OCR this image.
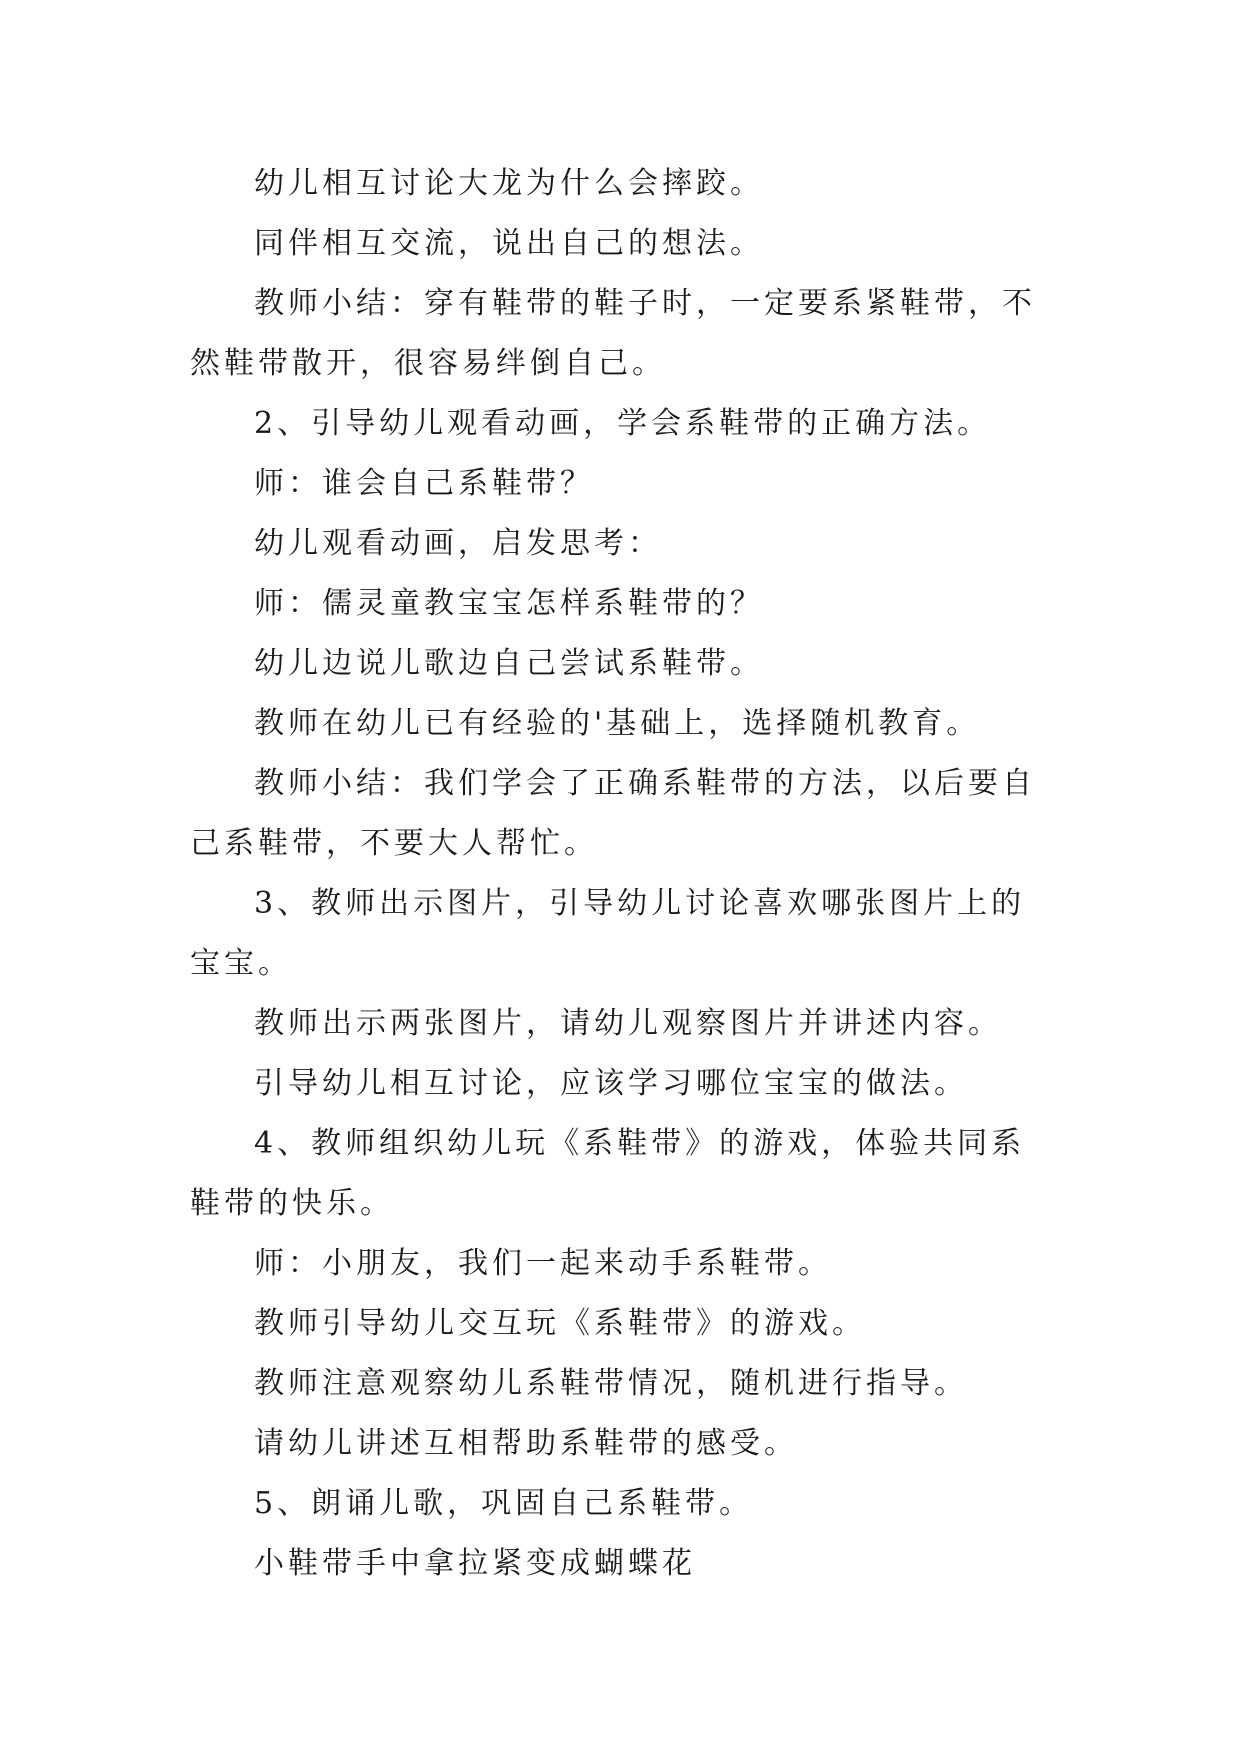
幼儿相互讨论大龙为什么会摔跤。

同伴相互交流，说出自己的想法。

教师小结：穿有鞋带的鞋子时，一定要系紧鞋带，不然鞋带散开，很容易绊倒自己。

2、引导幼儿观看动画，学会系鞋带的正确方法。

师：谁会自己系鞋带？

幼儿观看动画，启发思考：

师：儒灵童教宝宝怎样系鞋带的？

幼儿边说儿歌边自己尝试系鞋带。

教师在幼儿已有经验的'基础上，选择随机教育。

教师小结：我们学会了正确系鞋带的方法，以后要自己系鞋带，不要大人帮忙。

3、教师出示图片，引导幼儿讨论喜欢哪张图片上的宝宝。

教师出示两张图片，请幼儿观察图片并讲述内容。

引导幼儿相互讨论，应该学习哪位宝宝的做法。

4、教师组织幼儿玩《系鞋带》的游戏，体验共同系鞋带的快乐。

师：小朋友，我们一起来动手系鞋带。

教师引导幼儿交互玩《系鞋带》的游戏。

教师注意观察幼儿系鞋带情况，随机进行指导。

请幼儿讲述互相帮助系鞋带的感受。

5、朗诵儿歌，巩固自己系鞋带。

小鞋带手中拿拉紧变成蝴蝶花
